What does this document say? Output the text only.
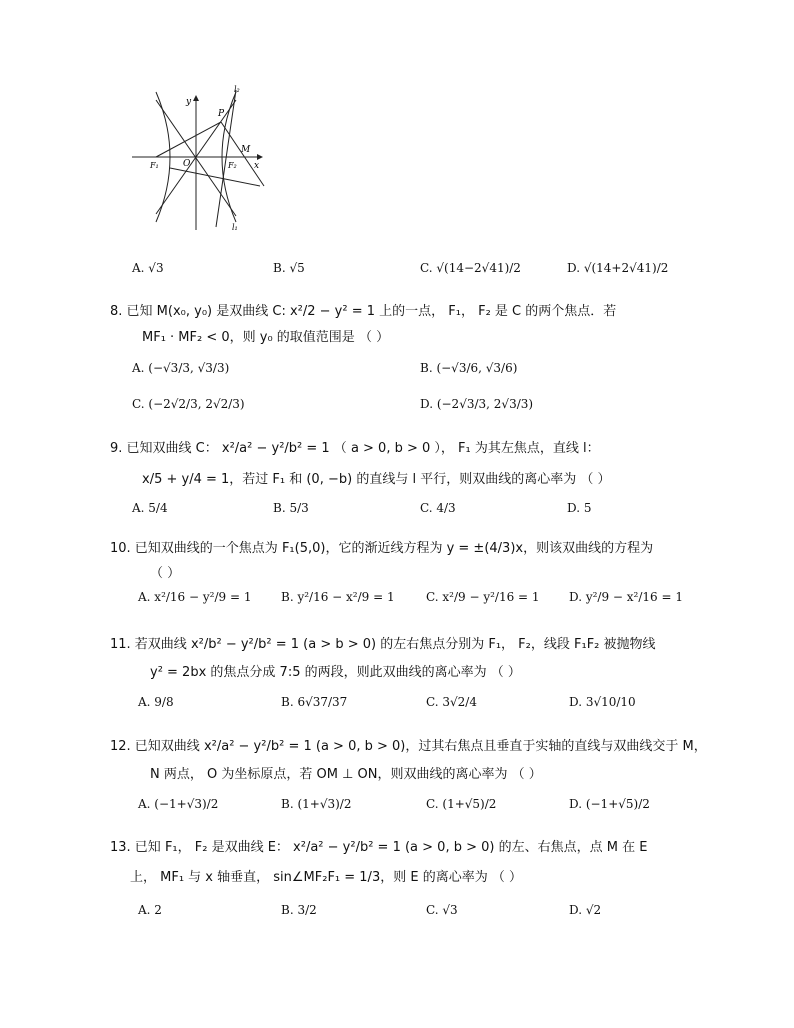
y
x
P
M
F₁	F₂
O
l₂
l₁
A. √3	B. √5	C. √(14−2√41)/2	D. √(14+2√41)/2
8. 已知 M(x₀, y₀) 是双曲线 C: x²/2 − y² = 1 上的一点， F₁， F₂ 是 C 的两个焦点．若
MF₁ · MF₂ < 0，则 y₀ 的取值范围是 （ ）
A. (−√3/3, √3/3)	B. (−√3/6, √3/6)
C. (−2√2/3, 2√2/3)	D. (−2√3/3, 2√3/3)
9. 已知双曲线 C： x²/a² − y²/b² = 1 （ a > 0, b > 0 ）， F₁ 为其左焦点，直线 l：
x/5 + y/4 = 1，若过 F₁ 和 (0, −b) 的直线与 l 平行，则双曲线的离心率为 （ ）
A. 5/4	B. 5/3	C. 4/3	D. 5
10. 已知双曲线的一个焦点为 F₁(5,0)，它的渐近线方程为 y = ±(4/3)x，则该双曲线的方程为
（ ）
A. x²/16 − y²/9 = 1 B. y²/16 − x²/9 = 1	C. x²/9 − y²/16 = 1 D. y²/9 − x²/16 = 1
11. 若双曲线 x²/b² − y²/b² = 1 (a > b > 0) 的左右焦点分别为 F₁， F₂，线段 F₁F₂ 被抛物线
y² = 2bx 的焦点分成 7:5 的两段，则此双曲线的离心率为 （ ）
A. 9/8	B. 6√37/37	C. 3√2/4	D. 3√10/10
12. 已知双曲线 x²/a² − y²/b² = 1 (a > 0, b > 0)，过其右焦点且垂直于实轴的直线与双曲线交于 M，
N 两点， O 为坐标原点，若 OM ⊥ ON，则双曲线的离心率为 （ ）
A. (−1+√3)/2	B. (1+√3)/2	C. (1+√5)/2	D. (−1+√5)/2
13. 已知 F₁， F₂ 是双曲线 E： x²/a² − y²/b² = 1 (a > 0, b > 0) 的左、右焦点，点 M 在 E
上， MF₁ 与 x 轴垂直， sin∠MF₂F₁ = 1/3，则 E 的离心率为 （ ）
A. 2	B. 3/2	C. √3	D. √2
